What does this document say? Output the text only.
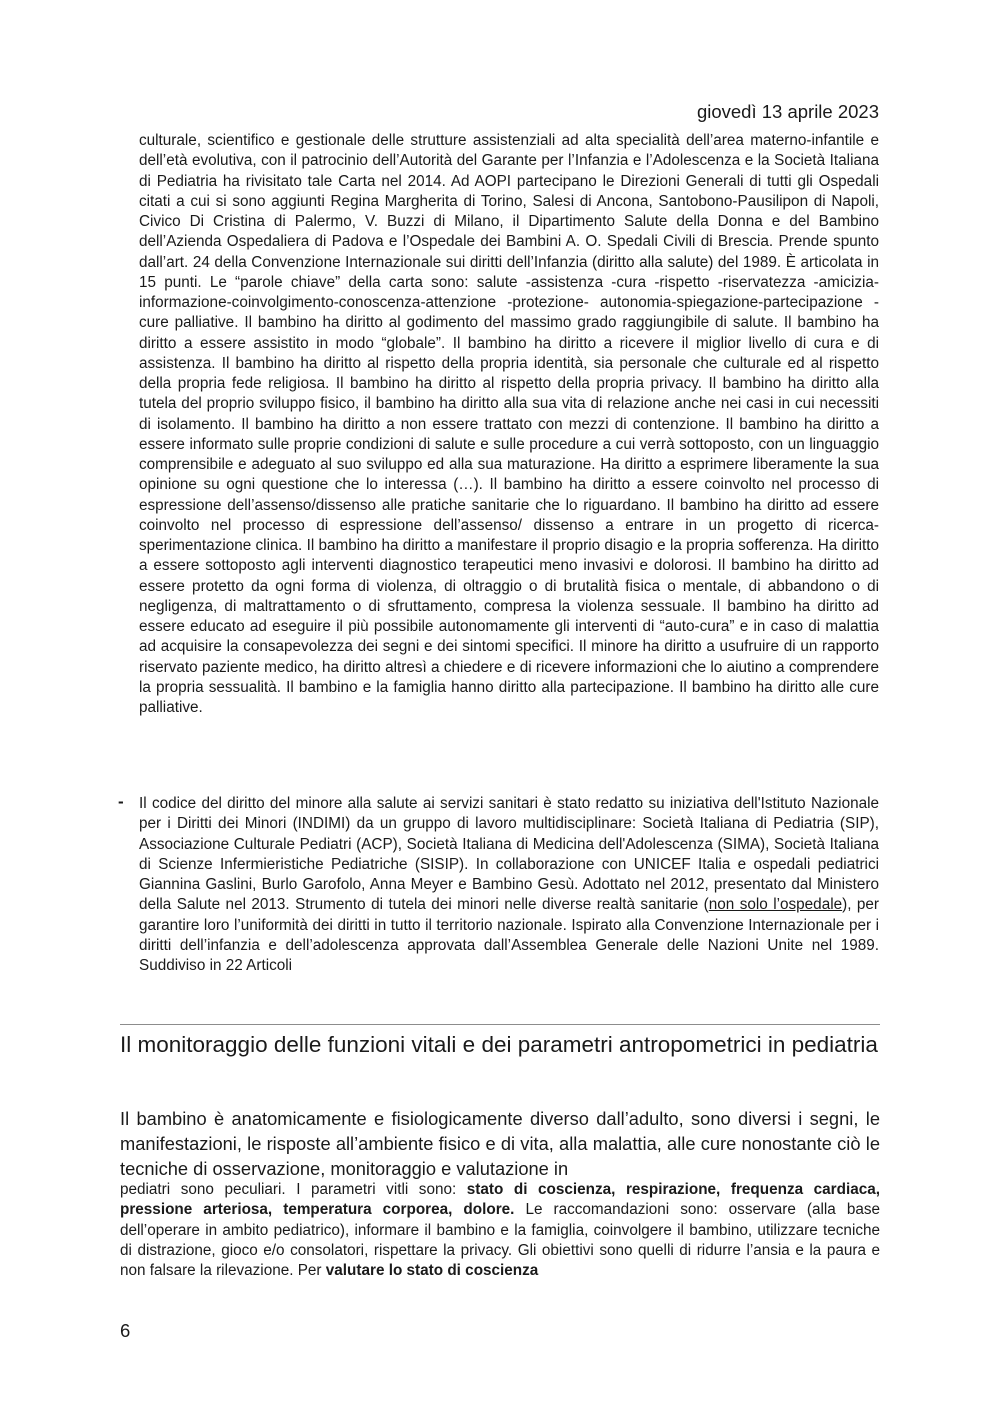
giovedì 13 aprile 2023

culturale, scientifico e gestionale delle strutture assistenziali ad alta specialità dell’area materno-infantile e dell’età evolutiva, con il patrocinio dell’Autorità del Garante per l’Infanzia e l’Adolescenza e la Società Italiana di Pediatria ha rivisitato tale Carta nel 2014. Ad AOPI partecipano le Direzioni Generali di tutti gli Ospedali citati a cui si sono aggiunti Regina Margherita di Torino, Salesi di Ancona, Santobono-Pausilipon di Napoli, Civico Di Cristina di Palermo, V. Buzzi di Milano, il Dipartimento Salute della Donna e del Bambino dell’Azienda Ospedaliera di Padova e l’Ospedale dei Bambini A. O. Spedali Civili di Brescia. Prende spunto dall’art. 24 della Convenzione Internazionale sui diritti dell’Infanzia (diritto alla salute) del 1989. È articolata in 15 punti. Le “parole chiave” della carta sono: salute -assistenza -cura -rispetto -riservatezza -amicizia- informazione-coinvolgimento-conoscenza-attenzione -protezione- autonomia-spiegazione-partecipazione - cure palliative. Il bambino ha diritto al godimento del massimo grado raggiungibile di salute. Il bambino ha diritto a essere assistito in modo “globale”. Il bambino ha diritto a ricevere il miglior livello di cura e di assistenza. Il bambino ha diritto al rispetto della propria identità, sia personale che culturale ed al rispetto della propria fede religiosa. Il bambino ha diritto al rispetto della propria privacy. Il bambino ha diritto alla tutela del proprio sviluppo fisico, il bambino ha diritto alla sua vita di relazione anche nei casi in cui necessiti di isolamento. Il bambino ha diritto a non essere trattato con mezzi di contenzione. Il bambino ha diritto a essere informato sulle proprie condizioni di salute e sulle procedure a cui verrà sottoposto, con un linguaggio comprensibile e adeguato al suo sviluppo ed alla sua maturazione. Ha diritto a esprimere liberamente la sua opinione su ogni questione che lo interessa (…). Il bambino ha diritto a essere coinvolto nel processo di espressione dell’assenso/dissenso alle pratiche sanitarie che lo riguardano. Il bambino ha diritto ad essere coinvolto nel processo di espressione dell’assenso/ dissenso a entrare in un progetto di ricerca-sperimentazione clinica. Il bambino ha diritto a manifestare il proprio disagio e la propria sofferenza. Ha diritto a essere sottoposto agli interventi diagnostico terapeutici meno invasivi e dolorosi. Il bambino ha diritto ad essere protetto da ogni forma di violenza, di oltraggio o di brutalità fisica o mentale, di abbandono o di negligenza, di maltrattamento o di sfruttamento, compresa la violenza sessuale. Il bambino ha diritto ad essere educato ad eseguire il più possibile autonomamente gli interventi di “auto-cura” e in caso di malattia ad acquisire la consapevolezza dei segni e dei sintomi specifici. Il minore ha diritto a usufruire di un rapporto riservato paziente medico, ha diritto altresì a chiedere e di ricevere informazioni che lo aiutino a comprendere la propria sessualità. Il bambino e la famiglia hanno diritto alla partecipazione. Il bambino ha diritto alle cure palliative.

-	Il codice del diritto del minore alla salute ai servizi sanitari è stato redatto su iniziativa dell'Istituto Nazionale per i Diritti dei Minori (INDIMI) da un gruppo di lavoro multidisciplinare: Società Italiana di Pediatria (SIP), Associazione Culturale Pediatri (ACP), Società Italiana di Medicina dell'Adolescenza (SIMA), Società Italiana di Scienze Infermieristiche Pediatriche (SISIP). In collaborazione con UNICEF Italia e ospedali pediatrici Giannina Gaslini, Burlo Garofolo, Anna Meyer e Bambino Gesù. Adottato nel 2012, presentato dal Ministero della Salute nel 2013. Strumento di tutela dei minori nelle diverse realtà sanitarie (non solo l’ospedale), per garantire loro l’uniformità dei diritti in tutto il territorio nazionale. Ispirato alla Convenzione Internazionale per i diritti dell’infanzia e dell’adolescenza approvata dall’Assemblea Generale delle Nazioni Unite nel 1989. Suddiviso in 22 Articoli

Il monitoraggio delle funzioni vitali e dei parametri antropometrici in pediatria

Il bambino è anatomicamente e fisiologicamente diverso dall’adulto, sono diversi i segni, le manifestazioni, le risposte all’ambiente fisico e di vita, alla malattia, alle cure nonostante ciò le tecniche di osservazione, monitoraggio e valutazione in

pediatri sono peculiari. I parametri vitli sono: stato di coscienza, respirazione, frequenza cardiaca, pressione arteriosa, temperatura corporea, dolore. Le raccomandazioni sono: osservare (alla base dell’operare in ambito pediatrico), informare il bambino e la famiglia, coinvolgere il bambino, utilizzare tecniche di distrazione, gioco e/o consolatori, rispettare la privacy. Gli obiettivi sono quelli di ridurre l’ansia e la paura e non falsare la rilevazione. Per valutare lo stato di coscienza

6
